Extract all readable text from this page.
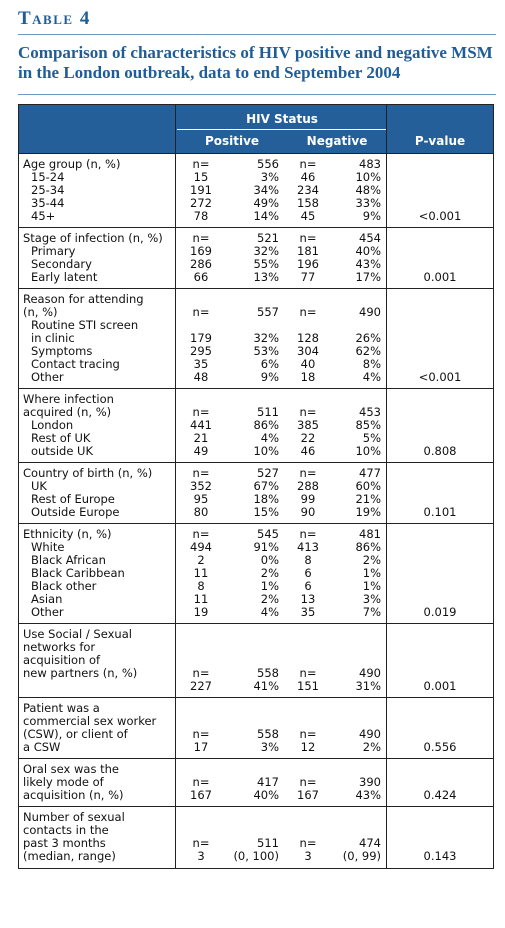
Table 4
Comparison of characteristics of HIV positive and negative MSM in the London outbreak, data to end September 2004
HIV Status
Positive	Negative	P-value
Age group (n, %)	n=	556	n=	483
15-24	15	3%	46	10%
25-34	191	34%	234	48%
35-44	272	49%	158	33%
45+	78	14%	45	9%	<0.001
Stage of infection (n, %)	n=	521	n=	454
Primary	169	32%	181	40%
Secondary	286	55%	196	43%
Early latent	66	13%	77	17%	0.001
Reason for attending
(n, %)	n=	557	n=	490
Routine STI screen
in clinic	179	32%	128	26%
Symptoms	295	53%	304	62%
Contact tracing	35	6%	40	8%
Other	48	9%	18	4%	<0.001
Where infection
acquired (n, %)	n=	511	n=	453
London	441	86%	385	85%
Rest of UK	21	4%	22	5%
outside UK	49	10%	46	10%	0.808
Country of birth (n, %)	n=	527	n=	477
UK	352	67%	288	60%
Rest of Europe	95	18%	99	21%
Outside Europe	80	15%	90	19%	0.101
Ethnicity (n, %)	n=	545	n=	481
White	494	91%	413	86%
Black African	2	0%	8	2%
Black Caribbean	11	2%	6	1%
Black other	8	1%	6	1%
Asian	11	2%	13	3%
Other	19	4%	35	7%	0.019
Use Social / Sexual
networks for
acquisition of
new partners (n, %)	n=	558	n=	490
227	41%	151	31%	0.001
Patient was a
commercial sex worker
(CSW), or client of	n=	558	n=	490
a CSW	17	3%	12	2%	0.556
Oral sex was the
likely mode of	n=	417	n=	390
acquisition (n, %)	167	40%	167	43%	0.424
Number of sexual
contacts in the
past 3 months	n=	511	n=	474
(median, range)	3	(0, 100)	3	(0, 99)	0.143
